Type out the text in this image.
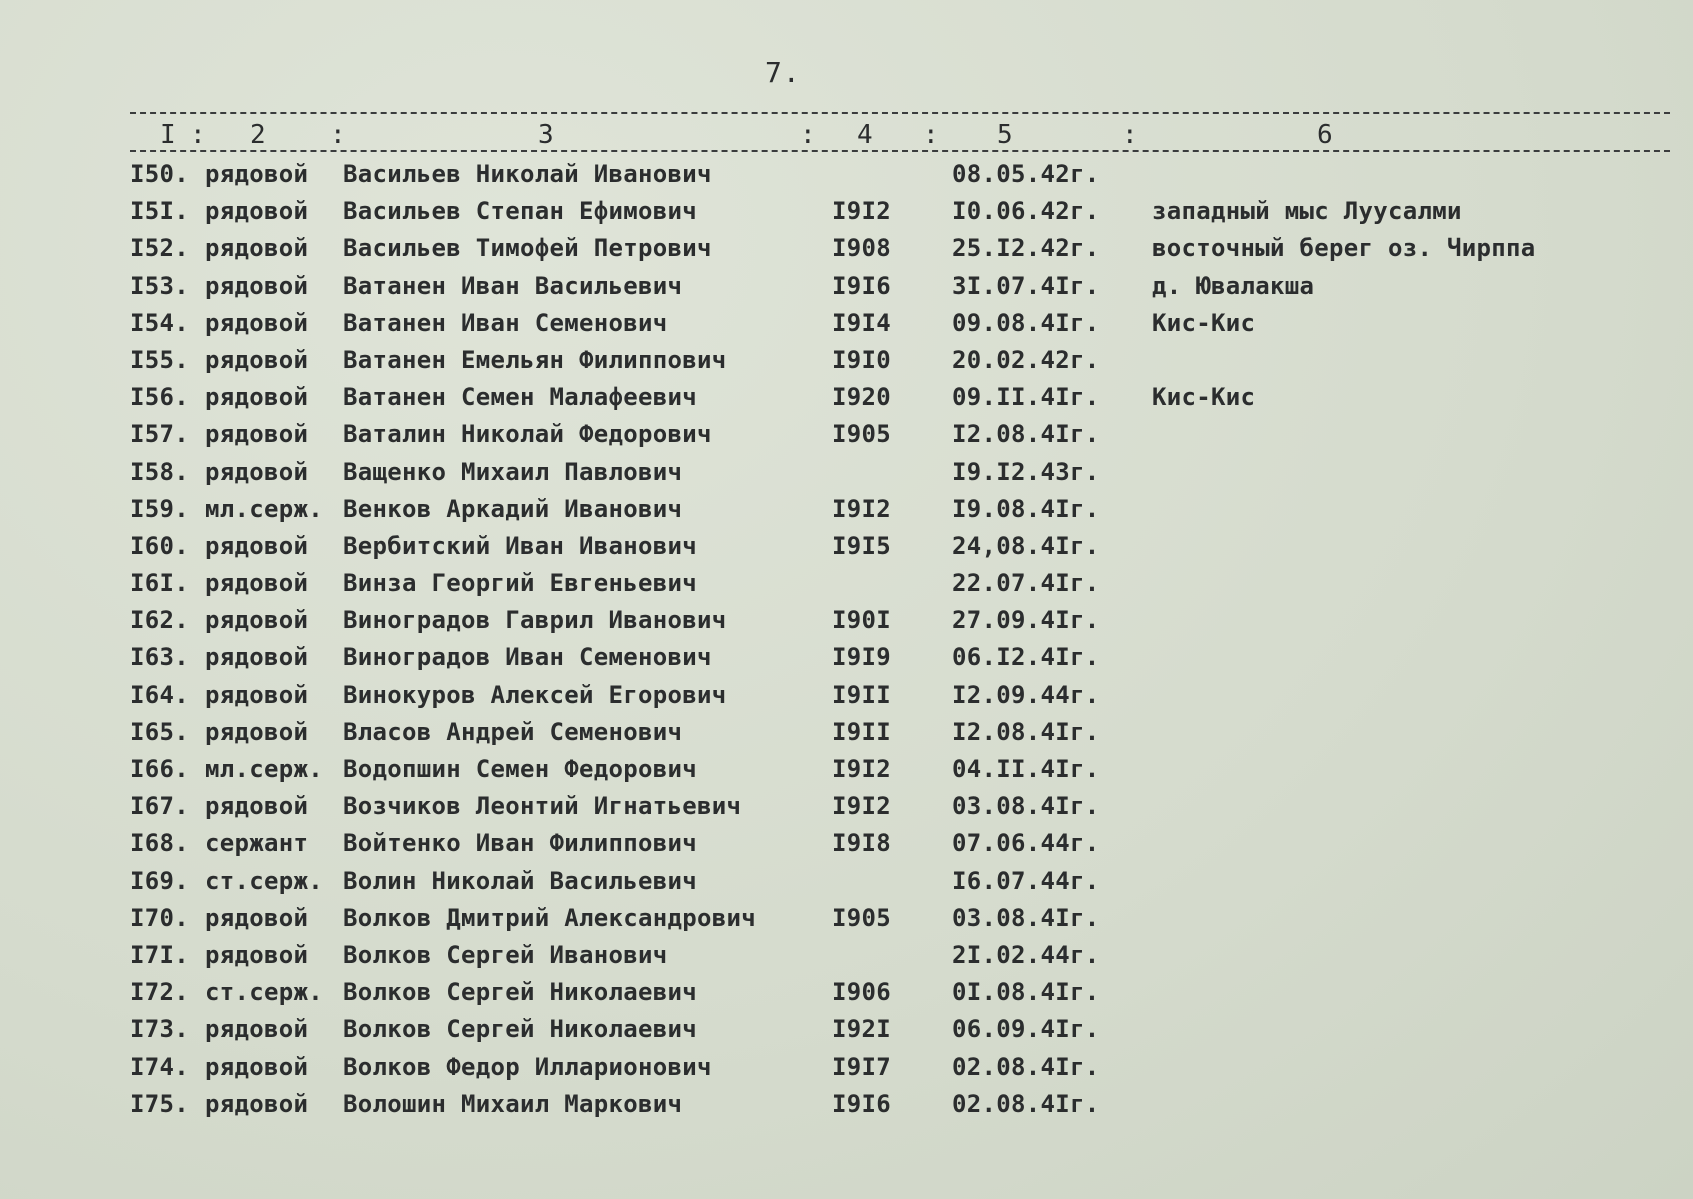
7.
I : 2 :	3	: 4 : 5	:	6
I50. рядовой Васильев Николай Иванович	08.05.42г.
I5I. рядовой Васильев Степан Ефимович	I9I2	I0.06.42г. западный мыс Луусалми
I52. рядовой Васильев Тимофей Петрович	I908	25.I2.42г. восточный берег оз. Чирппа
I53. рядовой Ватанен Иван Васильевич	I9I6	3I.07.4Iг. д. Ювалакша
I54. рядовой Ватанен Иван Семенович	I9I4	09.08.4Iг. Кис-Кис
I55. рядовой Ватанен Емельян Филиппович	I9I0	20.02.42г.
I56. рядовой Ватанен Семен Малафеевич	I920	09.II.4Iг. Кис-Кис
I57. рядовой Ваталин Николай Федорович	I905	I2.08.4Iг.
I58. рядовой Ващенко Михаил Павлович	I9.I2.43г.
I59. мл.серж. Венков Аркадий Иванович	I9I2	I9.08.4Iг.
I60. рядовой Вербитский Иван Иванович	I9I5	24,08.4Iг.
I6I. рядовой Винза Георгий Евгеньевич	22.07.4Iг.
I62. рядовой Виноградов Гаврил Иванович	I90I	27.09.4Iг.
I63. рядовой Виноградов Иван Семенович	I9I9	06.I2.4Iг.
I64. рядовой Винокуров Алексей Егорович	I9II	I2.09.44г.
I65. рядовой Власов Андрей Семенович	I9II	I2.08.4Iг.
I66. мл.серж. Водопшин Семен Федорович	I9I2	04.II.4Iг.
I67. рядовой Возчиков Леонтий Игнатьевич	I9I2	03.08.4Iг.
I68. сержант Войтенко Иван Филиппович	I9I8	07.06.44г.
I69. ст.серж. Волин Николай Васильевич	I6.07.44г.
I70. рядовой Волков Дмитрий Александрович	I905	03.08.4Iг.
I7I. рядовой Волков Сергей Иванович	2I.02.44г.
I72. ст.серж. Волков Сергей Николаевич	I906	0I.08.4Iг.
I73. рядовой Волков Сергей Николаевич	I92I	06.09.4Iг.
I74. рядовой Волков Федор Илларионович	I9I7	02.08.4Iг.
I75. рядовой Волошин Михаил Маркович	I9I6	02.08.4Iг.
